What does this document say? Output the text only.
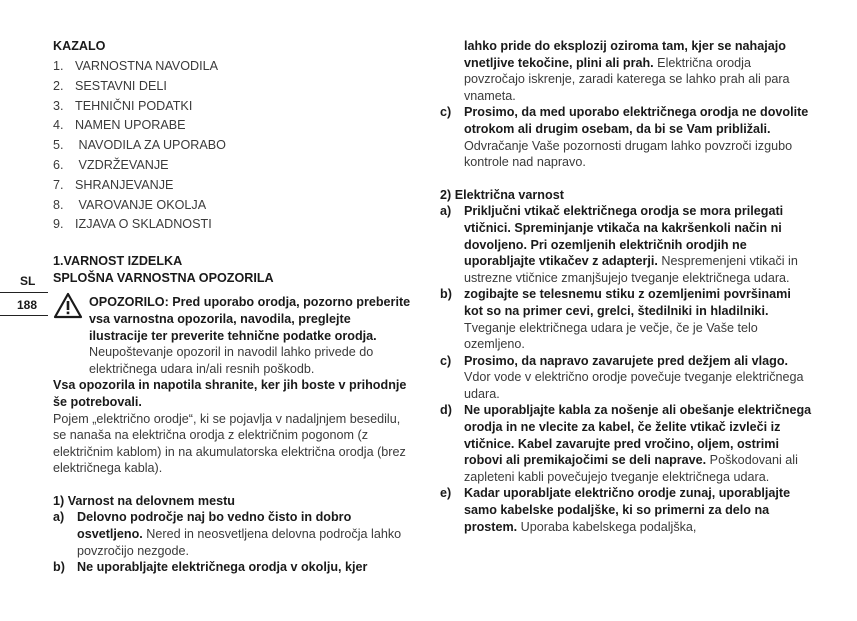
SL
188
KAZALO
1. VARNOSTNA NAVODILA
2. SESTAVNI DELI
3. TEHNIČNI PODATKI
4. NAMEN UPORABE
5. NAVODILA ZA UPORABO
6. VZDRŽEVANJE
7. SHRANJEVANJE
8. VAROVANJE OKOLJA
9. IZJAVA O SKLADNOSTI
1.VARNOST IZDELKA
SPLOŠNA VARNOSTNA OPOZORILA

OPOZORILO: Pred uporabo orodja, pozorno preberite vsa varnostna opozorila, navodila, preglejte ilustracije ter preverite tehnične podatke orodja. Neupoštevanje opozoril in navodil lahko privede do električnega udara in/ali resnih poškodb.

Vsa opozorila in napotila shranite, ker jih boste v prihodnje še potrebovali.

Pojem „električno orodje“, ki se pojavlja v nadaljnjem besedilu, se nanaša na električna orodja z električnim pogonom (z električnim kablom) in na akumulatorska električna orodja (brez električnega kabla).

1) Varnost na delovnem mestu
a) Delovno področje naj bo vedno čisto in dobro osvetljeno. Nered in neosvetljena delovna področja lahko povzročijo nezgode.
b) Ne uporabljajte električnega orodja v okolju, kjer
lahko pride do eksplozij oziroma tam, kjer se nahajajo vnetljive tekočine, plini ali prah. Električna orodja povzročajo iskrenje, zaradi katerega se lahko prah ali para vnameta.
c) Prosimo, da med uporabo električnega orodja ne dovolite otrokom ali drugim osebam, da bi se Vam približali. Odvračanje Vaše pozornosti drugam lahko povzroči izgubo kontrole nad napravo.
2) Električna varnost
a) Priključni vtikač električnega orodja se mora prilegati vtičnici. Spreminjanje vtikača na kakršenkoli način ni dovoljeno. Pri ozemljenih električnih orodjih ne uporabljajte vtikačev z adapterji. Nespremenjeni vtikači in ustrezne vtičnice zmanjšujejo tveganje električnega udara.
b) zogibajte se telesnemu stiku z ozemljenimi površinami kot so na primer cevi, grelci, štedilniki in hladilniki. Tveganje električnega udara je večje, če je Vaše telo ozemljeno.
c) Prosimo, da napravo zavarujete pred dežjem ali vlago. Vdor vode v električno orodje povečuje tveganje električnega udara.
d) Ne uporabljajte kabla za nošenje ali obešanje električnega orodja in ne vlecite za kabel, če želite vtikač izvleči iz vtičnice. Kabel zavarujte pred vročino, oljem, ostrimi robovi ali premikajočimi se deli naprave. Poškodovani ali zapleteni kabli povečujejo tveganje električnega udara.
e) Kadar uporabljate električno orodje zunaj, uporabljajte samo kabelske podaljške, ki so primerni za delo na prostem. Uporaba kabelskega podaljška,
